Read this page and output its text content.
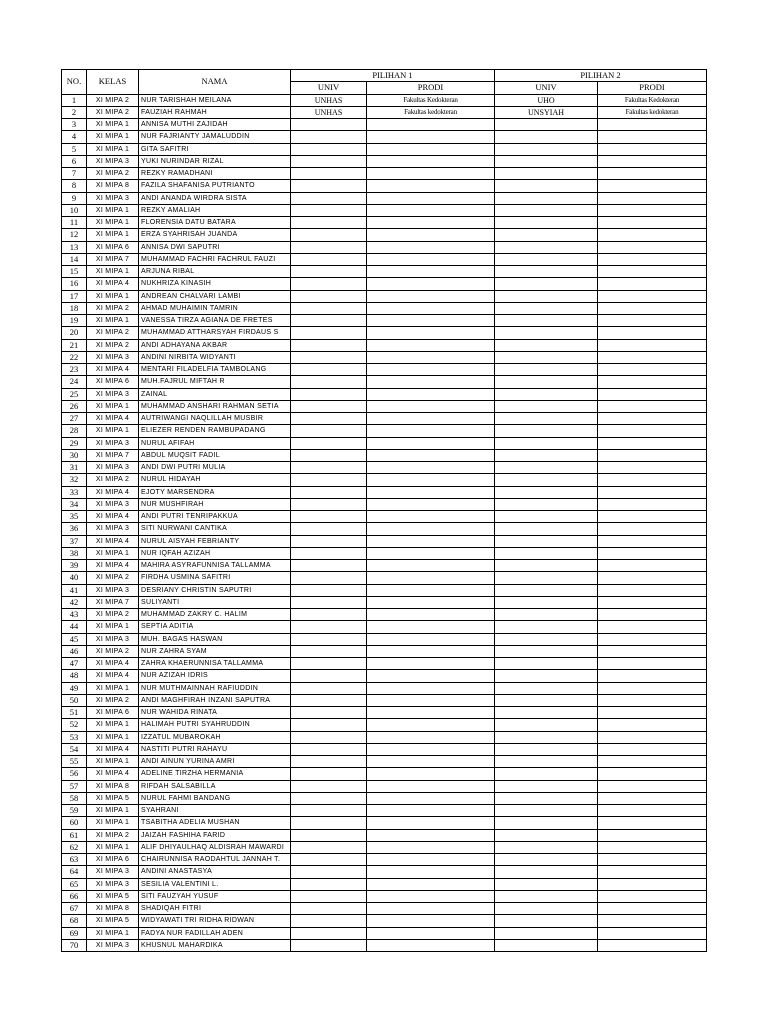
NO.	KELAS	NAMA	PILIHAN 1		PILIHAN 2	
			UNIV	PRODI	UNIV	PRODI
1	XI MIPA 2	NUR TARISHAH MEILANA	UNHAS	Fakultas Kedokteran	UHO	Fakultas Kedokteran
2	XI MIPA 2	FAUZIAH RAHMAH	UNHAS	Fakultas kedokteran	UNSYIAH	Fakultas kedokteran
3	XI MIPA 1	ANNISA MUTHI ZAJIDAH				
4	XI MIPA 1	NUR FAJRIANTY JAMALUDDIN				
5	XI MIPA 1	GITA SAFITRI				
6	XI MIPA 3	YUKI NURINDAR RIZAL				
7	XI MIPA 2	REZKY RAMADHANI				
8	XI MIPA 8	FAZILA SHAFANISA PUTRIANTO				
9	XI MIPA 3	ANDI ANANDA WIRDRA SISTA				
10	XI MIPA 1	REZKY AMALIAH				
11	XI MIPA 1	FLORENSIA DATU BATARA				
12	XI MIPA 1	ERZA SYAHRISAH JUANDA				
13	XI MIPA 6	ANNISA DWI SAPUTRI				
14	XI MIPA 7	MUHAMMAD FACHRI FACHRUL FAUZI				
15	XI MIPA 1	ARJUNA RIBAL				
16	XI MIPA 4	NUKHRIZA KINASIH				
17	XI MIPA 1	ANDREAN CHALVARI LAMBI				
18	XI MIPA 2	AHMAD MUHAIMIN TAMRIN				
19	XI MIPA 1	VANESSA TIRZA AGIANA DE FRETES				
20	XI MIPA 2	MUHAMMAD ATTHARSYAH FIRDAUS S				
21	XI MIPA 2	ANDI ADHAYANA AKBAR				
22	XI MIPA 3	ANDINI NIRBITA WIDYANTI				
23	XI MIPA 4	MENTARI FILADELFIA TAMBOLANG				
24	XI MIPA 6	MUH.FAJRUL MIFTAH R				
25	XI MIPA 3	ZAINAL				
26	XI MIPA 1	MUHAMMAD ANSHARI RAHMAN SETIA				
27	XI MIPA 4	AUTRIWANGI NAQLILLAH MUSBIR				
28	XI MIPA 1	ELIEZER RENDEN RAMBUPADANG				
29	XI MIPA 3	NURUL AFIFAH				
30	XI MIPA 7	ABDUL MUQSIT FADIL				
31	XI MIPA 3	ANDI DWI PUTRI MULIA				
32	XI MIPA 2	NURUL HIDAYAH				
33	XI MIPA 4	EJOTY MARSENDRA				
34	XI MIPA 3	NUR MUSHFIRAH				
35	XI MIPA 4	ANDI PUTRI TENRIPAKKUA				
36	XI MIPA 3	SITI NURWANI CANTIKA				
37	XI MIPA 4	NURUL AISYAH FEBRIANTY				
38	XI MIPA 1	NUR IQFAH AZIZAH				
39	XI MIPA 4	MAHIRA ASYRAFUNNISA TALLAMMA				
40	XI MIPA 2	FIRDHA USMINA SAFITRI				
41	XI MIPA 3	DESRIANY CHRISTIN SAPUTRI				
42	XI MIPA 7	SULIYANTI				
43	XI MIPA 2	MUHAMMAD ZAKRY C. HALIM				
44	XI MIPA 1	SEPTIA ADITIA				
45	XI MIPA 3	MUH. BAGAS HASWAN				
46	XI MIPA 2	NUR ZAHRA SYAM				
47	XI MIPA 4	ZAHRA KHAERUNNISA TALLAMMA				
48	XI MIPA 4	NUR AZIZAH IDRIS				
49	XI MIPA 1	NUR MUTHMAINNAH RAFIUDDIN				
50	XI MIPA 2	ANDI MAGHFIRAH INZANI SAPUTRA				
51	XI MIPA 6	NUR WAHIDA RINATA				
52	XI MIPA 1	HALIMAH PUTRI SYAHRUDDIN				
53	XI MIPA 1	IZZATUL MUBAROKAH				
54	XI MIPA 4	NASTITI PUTRI RAHAYU				
55	XI MIPA 1	ANDI AINUN YURINA AMRI				
56	XI MIPA 4	ADELINE TIRZHA HERMANIA				
57	XI MIPA 8	RIFDAH SALSABILLA				
58	XI MIPA 5	NURUL FAHMI BANDANG				
59	XI MIPA 1	SYAHRANI				
60	XI MIPA 1	TSABITHA ADELIA MUSHAN				
61	XI MIPA 2	JAIZAH FASHIHA FARID				
62	XI MIPA 1	ALIF DHIYAULHAQ ALDISRAH MAWARDI				
63	XI MIPA 6	CHAIRUNNISA RAODAHTUL JANNAH T.				
64	XI MIPA 3	ANDINI ANASTASYA				
65	XI MIPA 3	SESILIA VALENTINI L.				
66	XI MIPA 5	SITI FAUZYAH YUSUF				
67	XI MIPA 8	SHADIQAH FITRI				
68	XI MIPA 5	WIDYAWATI TRI RIDHA RIDWAN				
69	XI MIPA 1	FADYA NUR FADILLAH ADEN				
70	XI MIPA 3	KHUSNUL MAHARDIKA				
